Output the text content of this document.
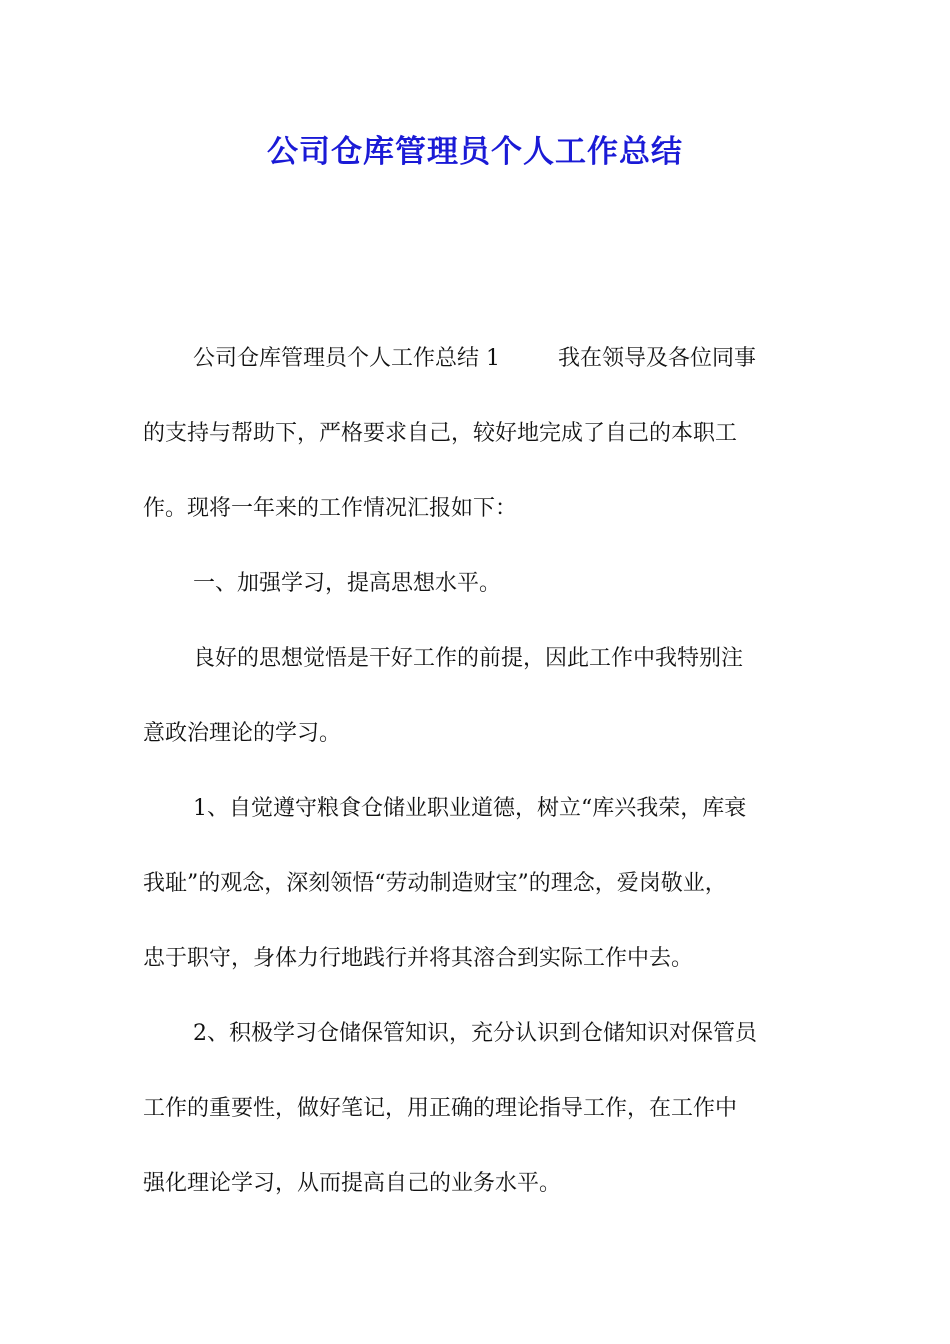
公司仓库管理员个人工作总结
公司仓库管理员个人工作总结 1	我在领导及各位同事
的支持与帮助下，严格要求自己，较好地完成了自己的本职工
作。现将一年来的工作情况汇报如下：
一、加强学习，提高思想水平。
良好的思想觉悟是干好工作的前提，因此工作中我特别注
意政治理论的学习。
1、自觉遵守粮食仓储业职业道德，树立“库兴我荣，库衰
我耻”的观念，深刻领悟“劳动制造财宝”的理念，爱岗敬业，
忠于职守，身体力行地践行并将其溶合到实际工作中去。
2、积极学习仓储保管知识，充分认识到仓储知识对保管员
工作的重要性，做好笔记，用正确的理论指导工作，在工作中
强化理论学习，从而提高自己的业务水平。
